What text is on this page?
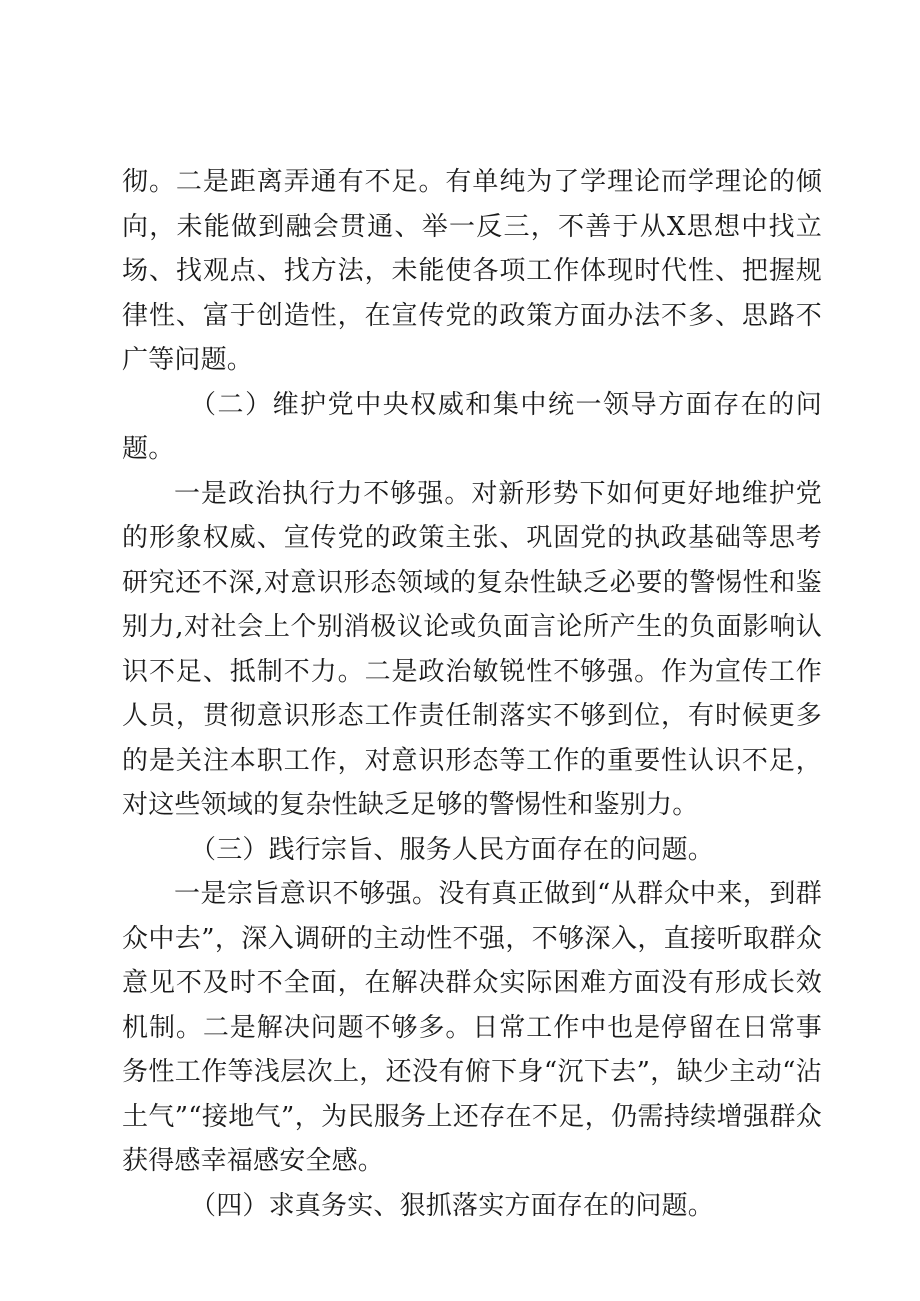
彻。二是距离弄通有不足。有单纯为了学理论而学理论的倾向，未能做到融会贯通、举一反三，不善于从X思想中找立场、找观点、找方法，未能使各项工作体现时代性、把握规律性、富于创造性，在宣传党的政策方面办法不多、思路不广等问题。

（二）维护党中央权威和集中统一领导方面存在的问题。

一是政治执行力不够强。对新形势下如何更好地维护党的形象权威、宣传党的政策主张、巩固党的执政基础等思考研究还不深,对意识形态领域的复杂性缺乏必要的警惕性和鉴别力,对社会上个别消极议论或负面言论所产生的负面影响认识不足、抵制不力。二是政治敏锐性不够强。作为宣传工作人员，贯彻意识形态工作责任制落实不够到位，有时候更多的是关注本职工作，对意识形态等工作的重要性认识不足，对这些领域的复杂性缺乏足够的警惕性和鉴别力。

（三）践行宗旨、服务人民方面存在的问题。

一是宗旨意识不够强。没有真正做到“从群众中来，到群众中去”，深入调研的主动性不强，不够深入，直接听取群众意见不及时不全面，在解决群众实际困难方面没有形成长效机制。二是解决问题不够多。日常工作中也是停留在日常事务性工作等浅层次上，还没有俯下身“沉下去”，缺少主动“沾土气”“接地气”，为民服务上还存在不足，仍需持续增强群众获得感幸福感安全感。

（四）求真务实、狠抓落实方面存在的问题。
